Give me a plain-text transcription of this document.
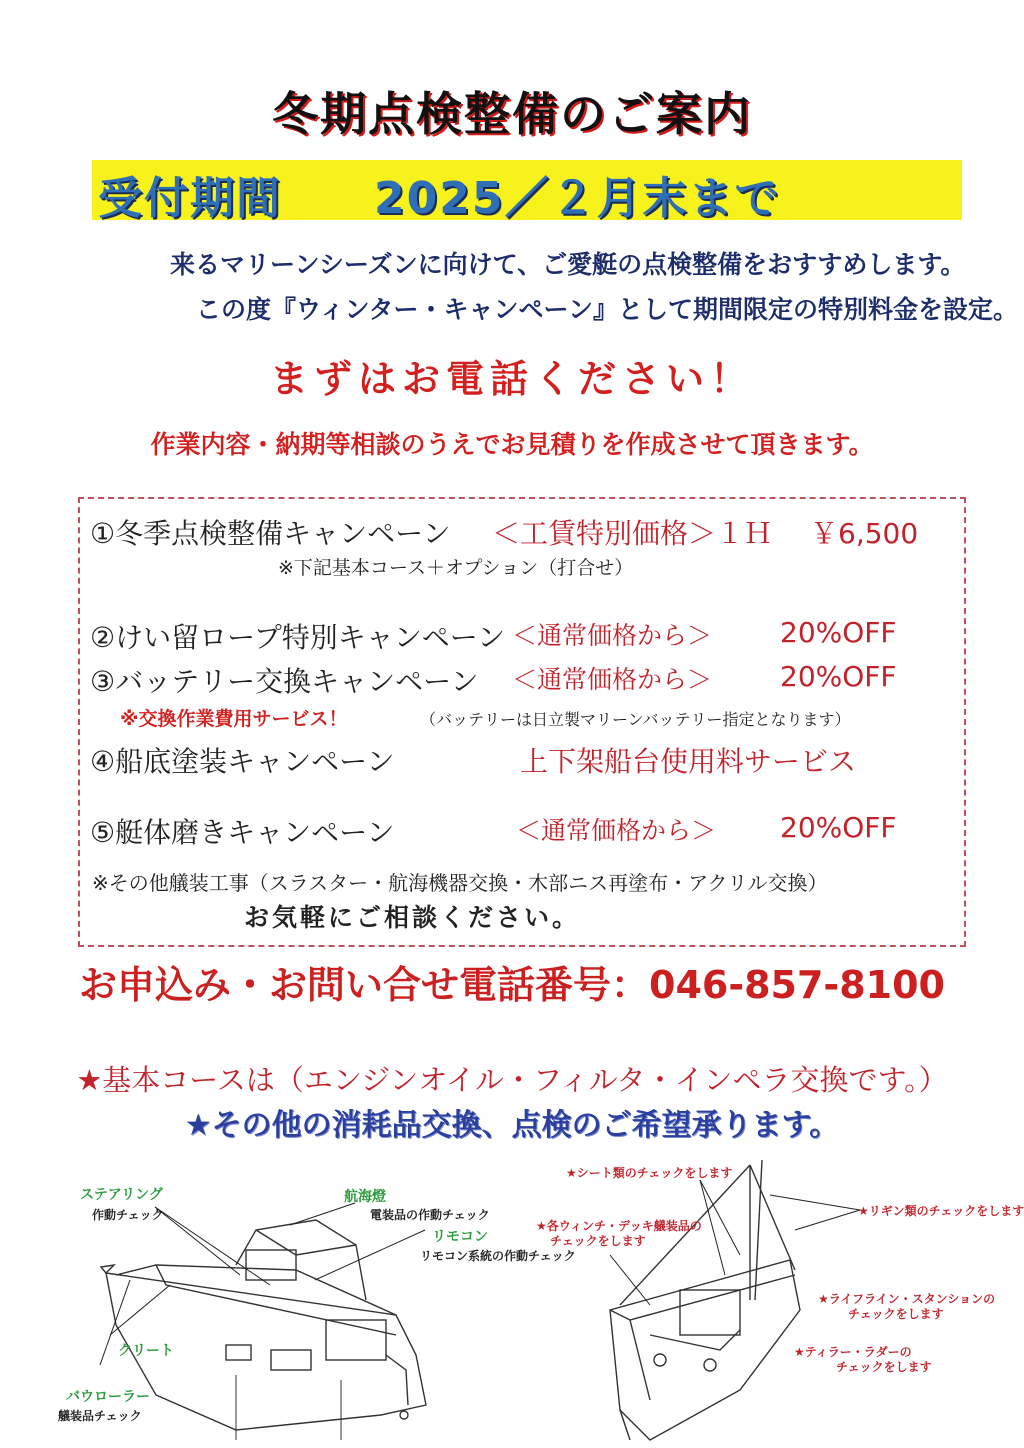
冬期点検整備のご案内
受付期間　　 2025／２月末まで
来るマリーンシーズンに向けて、ご愛艇の点検整備をおすすめします。
この度『ウィンター・キャンペーン』として期間限定の特別料金を設定。
まずはお電話ください！
作業内容・納期等相談のうえでお見積りを作成させて頂きます。
①冬季点検整備キャンペーン ＜工賃特別価格＞１Ｈ ￥6,500
※下記基本コース＋オプション（打合せ）
②けい留ロープ特別キャンペーン ＜通常価格から＞ 20%OFF
③バッテリー交換キャンペーン ＜通常価格から＞ 20%OFF
※交換作業費用サービス！	（バッテリーは日立製マリーンバッテリー指定となります）
④船底塗装キャンペーン	上下架船台使用料サービス
⑤艇体磨きキャンペーン	＜通常価格から＞ 20%OFF
※その他艤装工事（スラスター・航海機器交換・木部ニス再塗布・アクリル交換）
お気軽にご相談ください。
お申込み・お問い合せ電話番号：046-857-8100
★基本コースは（エンジンオイル・フィルタ・インペラ交換です。）
★その他の消耗品交換、点検のご希望承ります。
ステアリング
作動チェック
航海燈
電装品の作動チェック
リモコン
リモコン系統の作動チェック
クリート
バウローラー
艤装品チェック
★シート類のチェックをします
★リギン類のチェックをします
★各ウィンチ・デッキ艤装品の
チェックをします
★ライフライン・スタンションの
チェックをします
★ティラー・ラダーの
チェックをします
